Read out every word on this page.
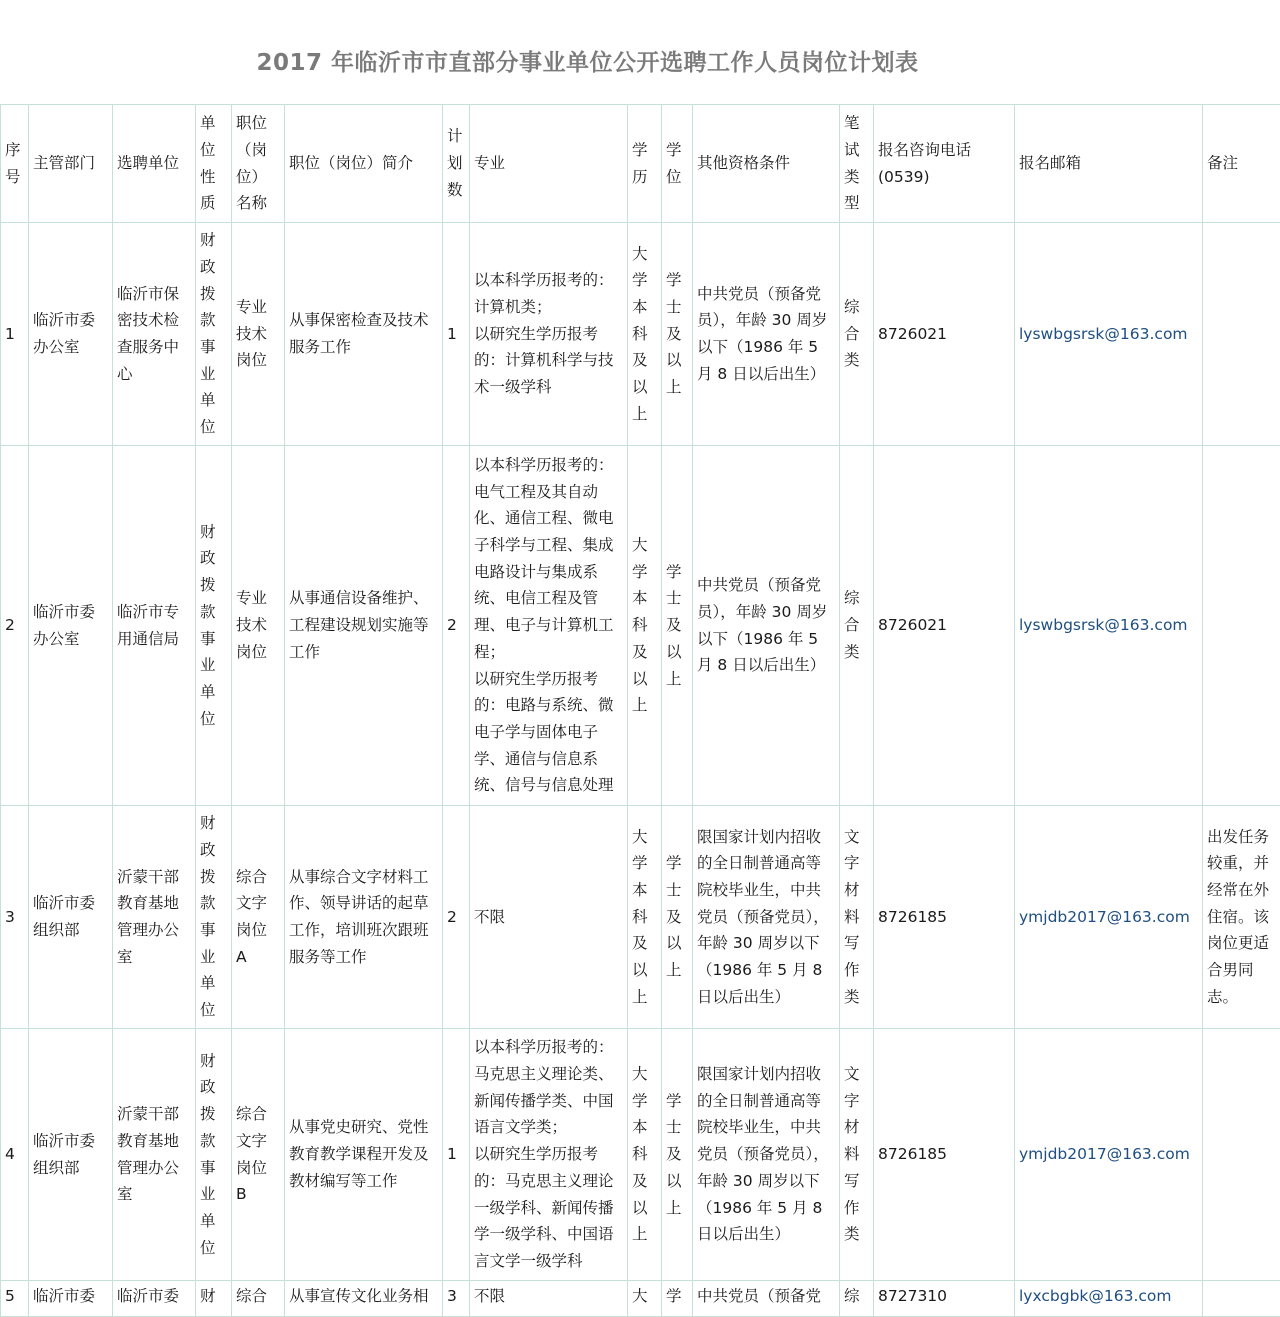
2017 年临沂市市直部分事业单位公开选聘工作人员岗位计划表
序
号	主管部门	选聘单位	单
位
性
质	职位
（岗
位）
名称	职位（岗位）简介	计
划
数	专业	学
历	学
位	其他资格条件	笔
试
类
型	报名咨询电话
(0539)	报名邮箱	备注
1	临沂市委办公室	临沂市保密技术检查服务中心	财政拨款事业单位	专业技术岗位	从事保密检查及技术服务工作	1	以本科学历报考的：计算机类；
以研究生学历报考的：计算机科学与技术一级学科	大学本科及以上	学士及以上	中共党员（预备党员），年龄 30 周岁以下（1986 年 5 月 8 日以后出生）	综合类	8726021	lyswbgsrsk@163.com	
2	临沂市委办公室	临沂市专用通信局	财政拨款事业单位	专业技术岗位	从事通信设备维护、工程建设规划实施等工作	2	以本科学历报考的：电气工程及其自动化、通信工程、微电子科学与工程、集成电路设计与集成系统、电信工程及管理、电子与计算机工程；
以研究生学历报考的：电路与系统、微电子学与固体电子学、通信与信息系统、信号与信息处理	大学本科及以上	学士及以上	中共党员（预备党员），年龄 30 周岁以下（1986 年 5 月 8 日以后出生）	综合类	8726021	lyswbgsrsk@163.com	
3	临沂市委组织部	沂蒙干部教育基地管理办公室	财政拨款事业单位	综合文字岗位 A	从事综合文字材料工作、领导讲话的起草工作，培训班次跟班服务等工作	2	不限	大学本科及以上	学士及以上	限国家计划内招收的全日制普通高等院校毕业生，中共党员（预备党员），年龄 30 周岁以下（1986 年 5 月 8 日以后出生）	文字材料写作类	8726185	ymjdb2017@163.com	出发任务较重，并经常在外住宿。该岗位更适合男同志。
4	临沂市委组织部	沂蒙干部教育基地管理办公室	财政拨款事业单位	综合文字岗位 B	从事党史研究、党性教育教学课程开发及教材编写等工作	1	以本科学历报考的：马克思主义理论类、新闻传播学类、中国语言文学类；
以研究生学历报考的：马克思主义理论一级学科、新闻传播学一级学科、中国语言文学一级学科	大学本科及以上	学士及以上	限国家计划内招收的全日制普通高等院校毕业生，中共党员（预备党员），年龄 30 周岁以下（1986 年 5 月 8 日以后出生）	文字材料写作类	8726185	ymjdb2017@163.com	
5	临沂市委	临沂市委	财	综合	从事宣传文化业务相	3	不限	大	学	中共党员（预备党	综	8727310	lyxcbgbk@163.com	
